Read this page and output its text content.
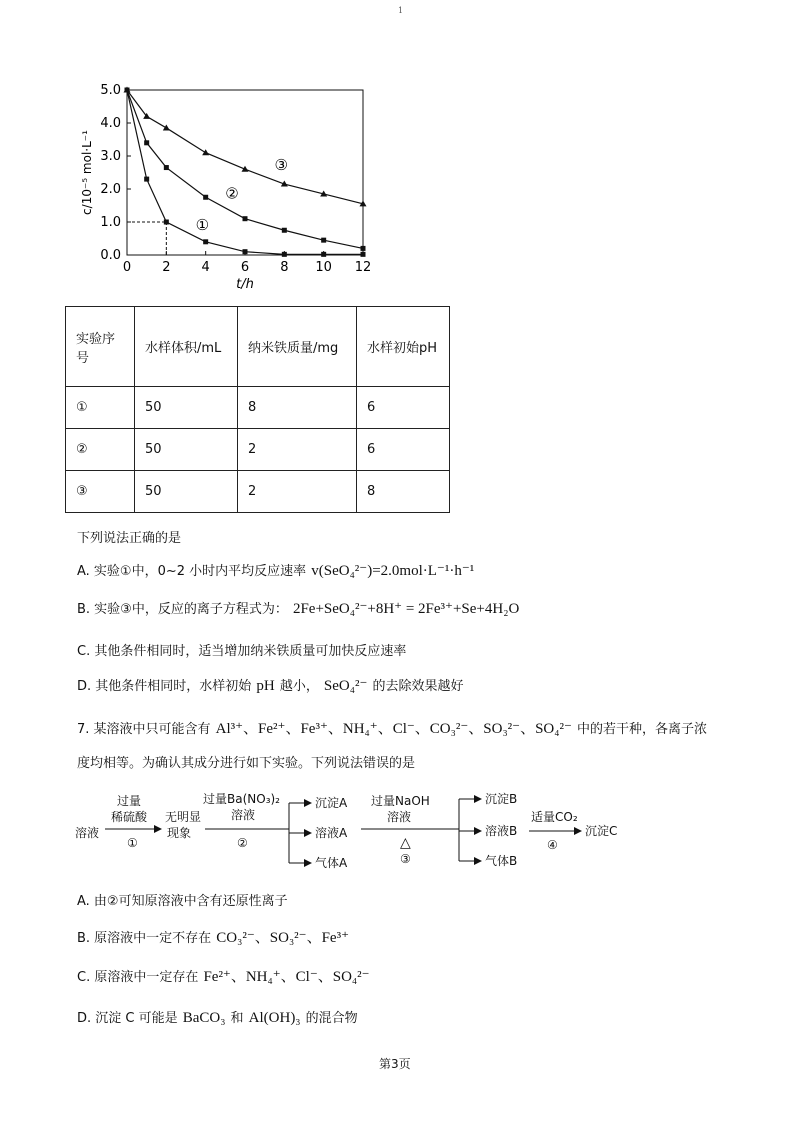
1
0 2 4 6 8 10 12
0.0
1.0
2.0
3.0
4.0
5.0
t/h
c/10⁻⁵ mol·L⁻¹
①
②
③
实验序号	水样体积/mL	纳米铁质量/mg	水样初始pH
①	50	8	6
②	50	2	6
③	50	2	8
下列说法正确的是
A. 实验①中，0~2 小时内平均反应速率 v(SeO₄²⁻)=2.0mol·L⁻¹·h⁻¹
B. 实验③中，反应的离子方程式为： 2Fe+SeO₄²⁻+8H⁺ = 2Fe³⁺+Se+4H₂O
C. 其他条件相同时，适当增加纳米铁质量可加快反应速率
D. 其他条件相同时，水样初始 pH 越小， SeO₄²⁻ 的去除效果越好
7. 某溶液中只可能含有 Al³⁺、Fe²⁺、Fe³⁺、NH₄⁺、Cl⁻、CO₃²⁻、SO₃²⁻、SO₄²⁻ 中的若干种，各离子浓
度均相等。为确认其成分进行如下实验。下列说法错误的是
溶液
过量
稀硫酸
①
无明显
现象
过量Ba(NO₃)₂
溶液
②
沉淀A
溶液A
气体A
过量NaOH
溶液
△
③
沉淀B
溶液B
气体B
适量CO₂
④
沉淀C
A. 由②可知原溶液中含有还原性离子
B. 原溶液中一定不存在 CO₃²⁻、SO₃²⁻、Fe³⁺
C. 原溶液中一定存在 Fe²⁺、NH₄⁺、Cl⁻、SO₄²⁻
D. 沉淀 C 可能是 BaCO₃ 和 Al(OH)₃ 的混合物
第3页
